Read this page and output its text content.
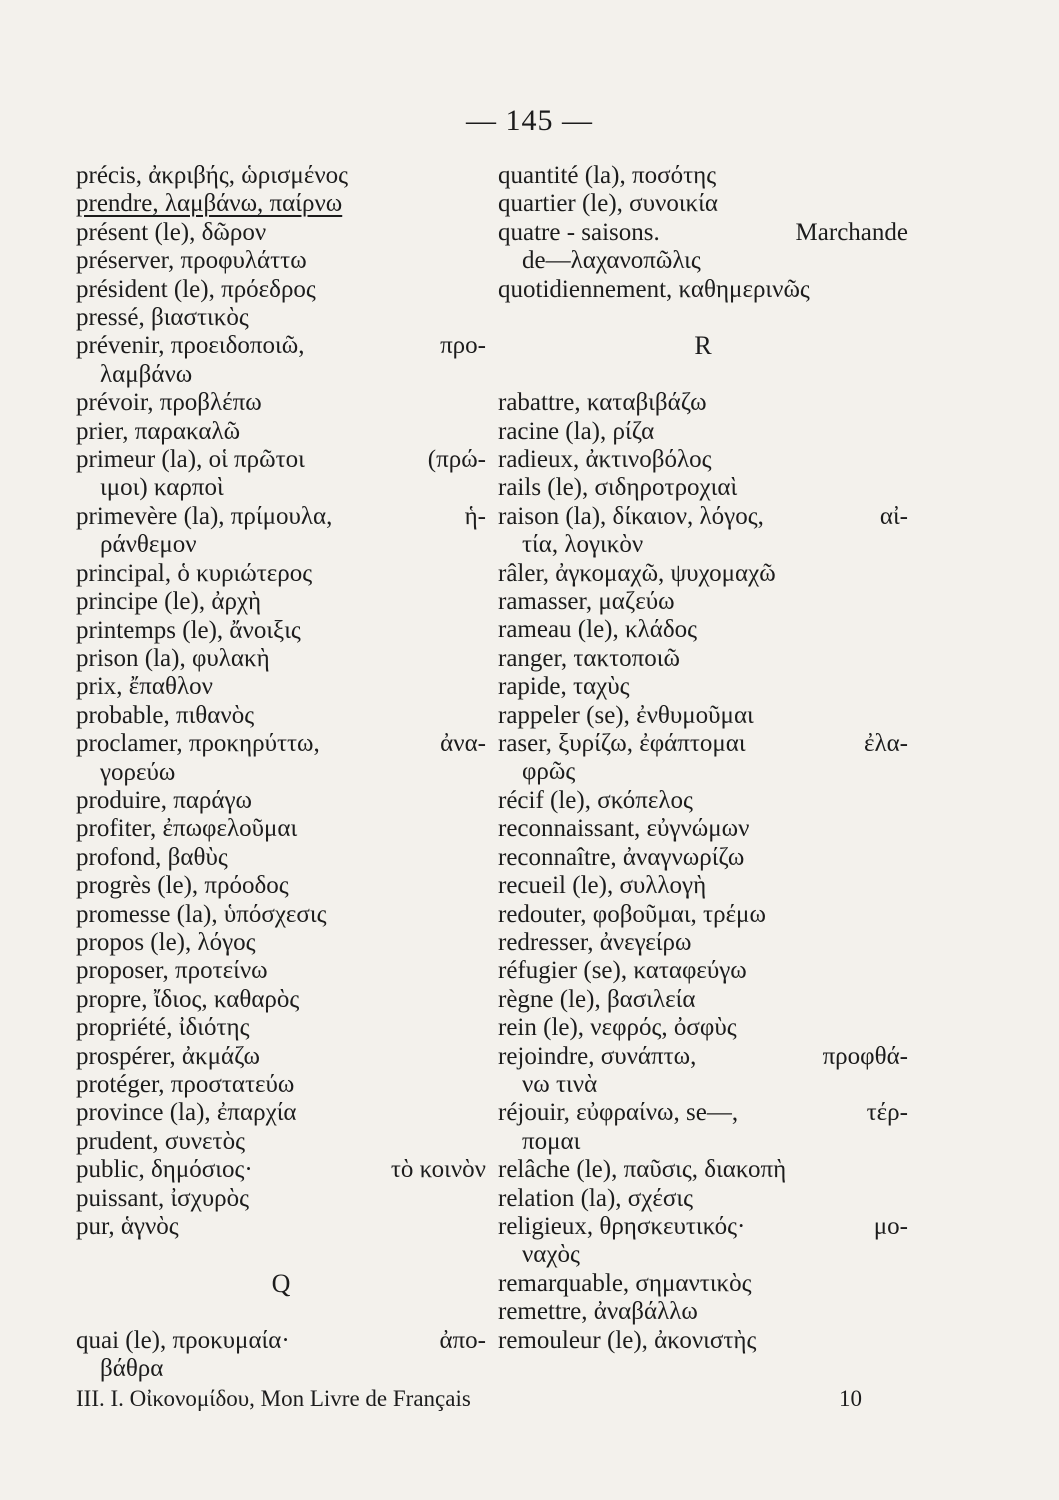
— 145 —
précis, ἀκριβής, ὡρισμένος
prendre, λαμβάνω, παίρνω
présent (le), δῶρον
préserver, προφυλάττω
président (le), πρόεδρος
pressé, βιαστικὸς
prévenir, προειδοποιῶ,	προ-
λαμβάνω
prévoir, προβλέπω
prier, παρακαλῶ
primeur (la), οἱ πρῶτοι	(πρώ-
ιμοι) καρποὶ
primevère (la), πρίμουλα,	ἡ-
ράνθεμον
principal, ὁ κυριώτερος
principe (le), ἀρχὴ
printemps (le), ἄνοιξις
prison (la), φυλακὴ
prix, ἔπαθλον
probable, πιθανὸς
proclamer, προκηρύττω,	ἀνα-
γορεύω
produire, παράγω
profiter, ἐπωφελοῦμαι
profond, βαθὺς
progrès (le), πρόοδος
promesse (la), ὑπόσχεσις
propos (le), λόγος
proposer, προτείνω
propre, ἴδιος, καθαρὸς
propriété, ἰδιότης
prospérer, ἀκμάζω
protéger, προστατεύω
province (la), ἐπαρχία
prudent, συνετὸς
public, δημόσιος·	τὸ κοινὸν
puissant, ἰσχυρὸς
pur, ἁγνὸς
Q
quai (le), προκυμαία·	ἀπο-
βάθρα
quantité (la), ποσότης
quartier (le), συνοικία
quatre - saisons.	Marchande
de—λαχανοπῶλις
quotidiennement, καθημερινῶς
R
rabattre, καταβιβάζω
racine (la), ρίζα
radieux, ἀκτινοβόλος
rails (le), σιδηροτροχιαὶ
raison (la), δίκαιον, λόγος,	αἰ-
τία, λογικὸν
râler, ἀγκομαχῶ, ψυχομαχῶ
ramasser, μαζεύω
rameau (le), κλάδος
ranger, τακτοποιῶ
rapide, ταχὺς
rappeler (se), ἐνθυμοῦμαι
raser, ξυρίζω, ἐφάπτομαι	ἐλα-
φρῶς
récif (le), σκόπελος
reconnaissant, εὐγνώμων
reconnaître, ἀναγνωρίζω
recueil (le), συλλογὴ
redouter, φοβοῦμαι, τρέμω
redresser, ἀνεγείρω
réfugier (se), καταφεύγω
règne (le), βασιλεία
rein (le), νεφρός, ὀσφὺς
rejoindre, συνάπτω,	προφθά-
νω τινὰ
réjouir, εὐφραίνω, se—,	τέρ-
πομαι
relâche (le), παῦσις, διακοπὴ
relation (la), σχέσις
religieux, θρησκευτικός·	μο-
ναχὸς
remarquable, σημαντικὸς
remettre, ἀναβάλλω
remouleur (le), ἀκονιστὴς
ΙΙΙ. Ι. Οἰκονομίδου, Mon Livre de Français	10
